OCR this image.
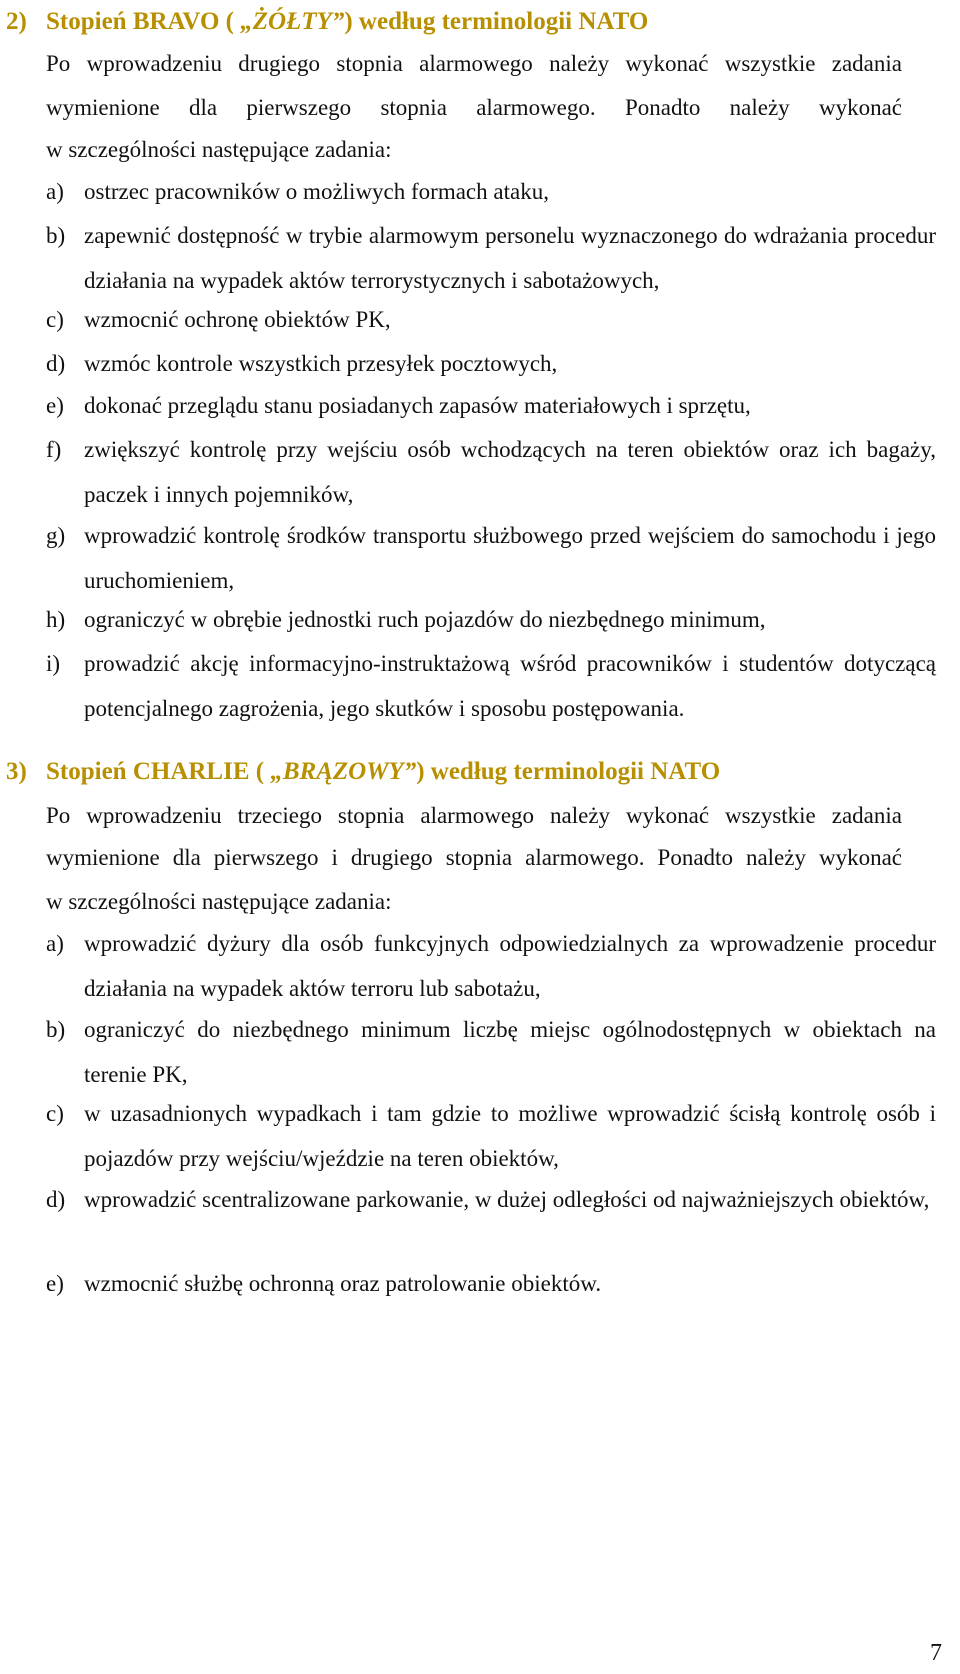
2) Stopień BRAVO ( „ŻÓŁTY”) według terminologii NATO
Po wprowadzeniu drugiego stopnia alarmowego należy wykonać wszystkie zadania
wymienione dla pierwszego stopnia alarmowego. Ponadto należy wykonać
w szczególności następujące zadania:
a) ostrzec pracowników o możliwych formach ataku,
b) zapewnić dostępność w trybie alarmowym personelu wyznaczonego do wdrażania procedur działania na wypadek aktów terrorystycznych i sabotażowych,
c) wzmocnić ochronę obiektów PK,
d) wzmóc kontrole wszystkich przesyłek pocztowych,
e) dokonać przeglądu stanu posiadanych zapasów materiałowych i sprzętu,
f) zwiększyć kontrolę przy wejściu osób wchodzących na teren obiektów oraz ich bagaży, paczek i innych pojemników,
g) wprowadzić kontrolę środków transportu służbowego przed wejściem do samochodu i jego uruchomieniem,
h) ograniczyć w obrębie jednostki ruch pojazdów do niezbędnego minimum,
i)	prowadzić akcję informacyjno-instruktażową wśród pracowników i studentów dotyczącą potencjalnego zagrożenia, jego skutków i sposobu postępowania.
3) Stopień CHARLIE ( „BRĄZOWY”) według terminologii NATO
Po wprowadzeniu trzeciego stopnia alarmowego należy wykonać wszystkie zadania
wymienione dla pierwszego i drugiego stopnia alarmowego. Ponadto należy wykonać
w szczególności następujące zadania:
a) wprowadzić dyżury dla osób funkcyjnych odpowiedzialnych za wprowadzenie procedur działania na wypadek aktów terroru lub sabotażu,
b) ograniczyć do niezbędnego minimum liczbę miejsc ogólnodostępnych w obiektach na terenie PK,
c) w uzasadnionych wypadkach i tam gdzie to możliwe wprowadzić ścisłą kontrolę osób i pojazdów przy wejściu/wjeździe na teren obiektów,
d) wprowadzić scentralizowane parkowanie, w dużej odległości od najważniejszych obiektów,
e) wzmocnić służbę ochronną oraz patrolowanie obiektów.
7
